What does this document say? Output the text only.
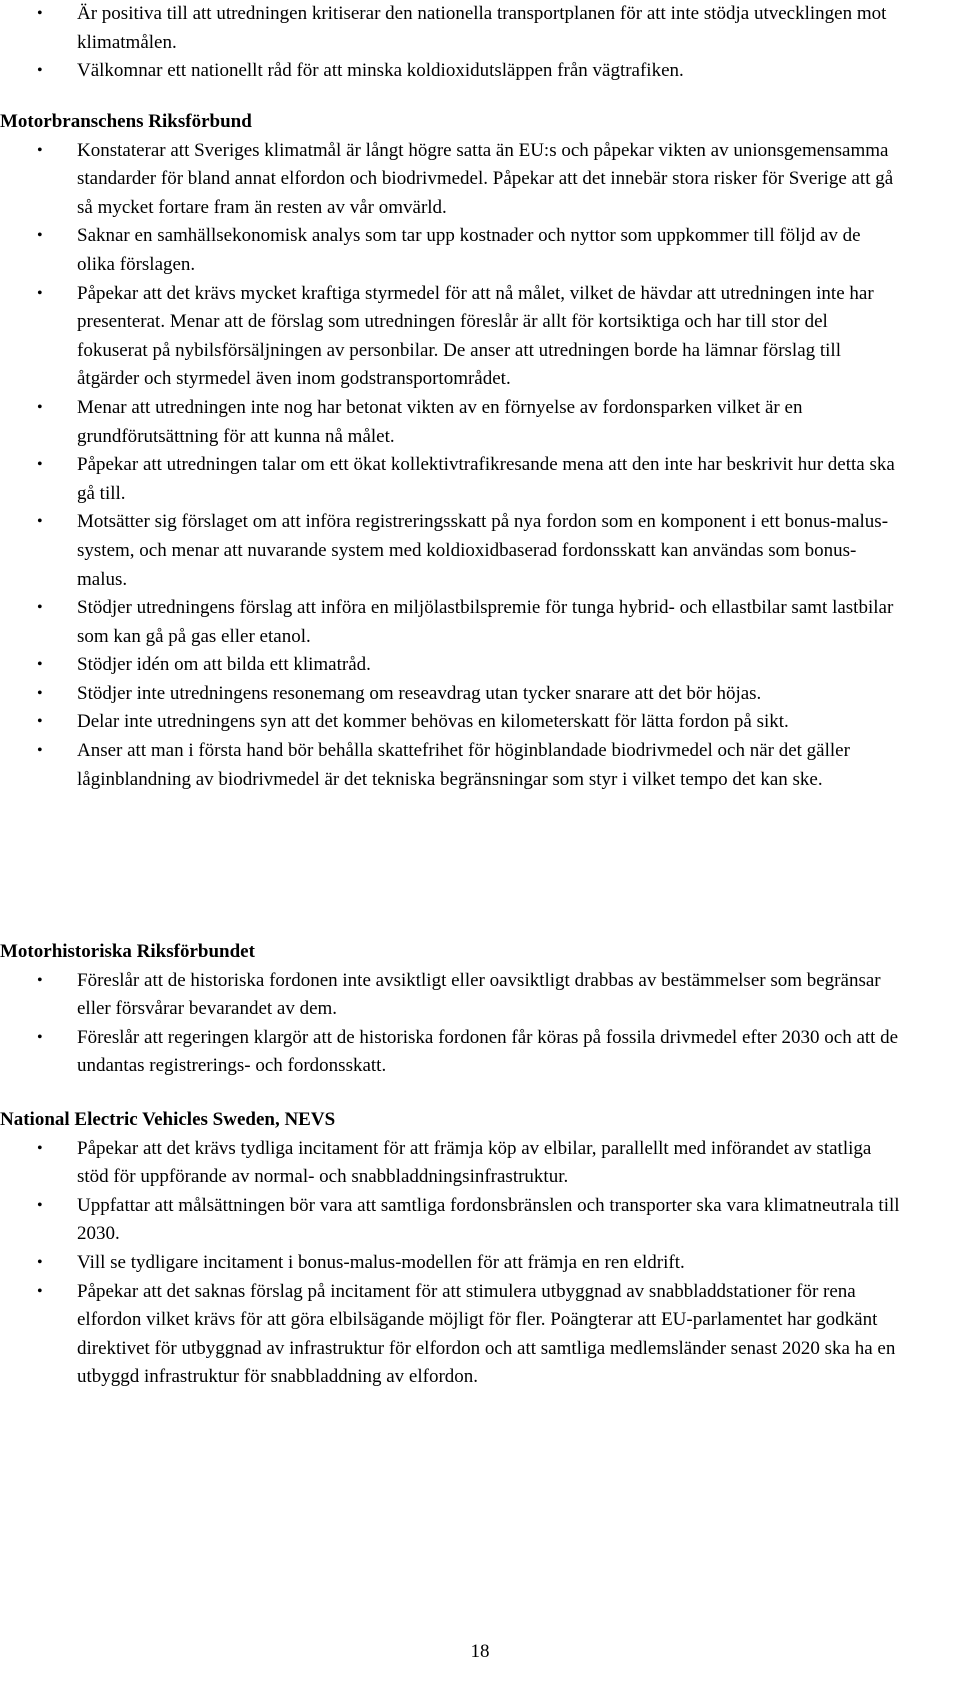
• Är positiva till att utredningen kritiserar den nationella transportplanen för att inte stödja utvecklingen mot klimatmålen.
• Välkomnar ett nationellt råd för att minska koldioxidutsläppen från vägtrafiken.

Motorbranschens Riksförbund

• Konstaterar att Sveriges klimatmål är långt högre satta än EU:s och påpekar vikten av unionsgemensamma standarder för bland annat elfordon och biodrivmedel. Påpekar att det innebär stora risker för Sverige att gå så mycket fortare fram än resten av vår omvärld.
• Saknar en samhällsekonomisk analys som tar upp kostnader och nyttor som uppkommer till följd av de olika förslagen.
• Påpekar att det krävs mycket kraftiga styrmedel för att nå målet, vilket de hävdar att utredningen inte har presenterat. Menar att de förslag som utredningen föreslår är allt för kortsiktiga och har till stor del fokuserat på nybilsförsäljningen av personbilar. De anser att utredningen borde ha lämnar förslag till åtgärder och styrmedel även inom godstransportområdet.
• Menar att utredningen inte nog har betonat vikten av en förnyelse av fordonsparken vilket är en grundförutsättning för att kunna nå målet.
• Påpekar att utredningen talar om ett ökat kollektivtrafikresande mena att den inte har beskrivit hur detta ska gå till.
• Motsätter sig förslaget om att införa registreringsskatt på nya fordon som en komponent i ett bonus-malus-system, och menar att nuvarande system med koldioxidbaserad fordonsskatt kan användas som bonus-malus.
• Stödjer utredningens förslag att införa en miljölastbilspremie för tunga hybrid- och ellastbilar samt lastbilar som kan gå på gas eller etanol.
• Stödjer idén om att bilda ett klimatråd.
• Stödjer inte utredningens resonemang om reseavdrag utan tycker snarare att det bör höjas.
• Delar inte utredningens syn att det kommer behövas en kilometerskatt för lätta fordon på sikt.
• Anser att man i första hand bör behålla skattefrihet för höginblandade biodrivmedel och när det gäller låginblandning av biodrivmedel är det tekniska begränsningar som styr i vilket tempo det kan ske.

Motorhistoriska Riksförbundet

• Föreslår att de historiska fordonen inte avsiktligt eller oavsiktligt drabbas av bestämmelser som begränsar eller försvårar bevarandet av dem.
• Föreslår att regeringen klargör att de historiska fordonen får köras på fossila drivmedel efter 2030 och att de undantas registrerings- och fordonsskatt.

National Electric Vehicles Sweden, NEVS

• Påpekar att det krävs tydliga incitament för att främja köp av elbilar, parallellt med införandet av statliga stöd för uppförande av normal- och snabbladdningsinfrastruktur.
• Uppfattar att målsättningen bör vara att samtliga fordonsbränslen och transporter ska vara klimatneutrala till 2030.
• Vill se tydligare incitament i bonus-malus-modellen för att främja en ren eldrift.
• Påpekar att det saknas förslag på incitament för att stimulera utbyggnad av snabbladdstationer för rena elfordon vilket krävs för att göra elbilsägande möjligt för fler. Poängterar att EU-parlamentet har godkänt direktivet för utbyggnad av infrastruktur för elfordon och att samtliga medlemsländer senast 2020 ska ha en utbyggd infrastruktur för snabbladdning av elfordon.
18
